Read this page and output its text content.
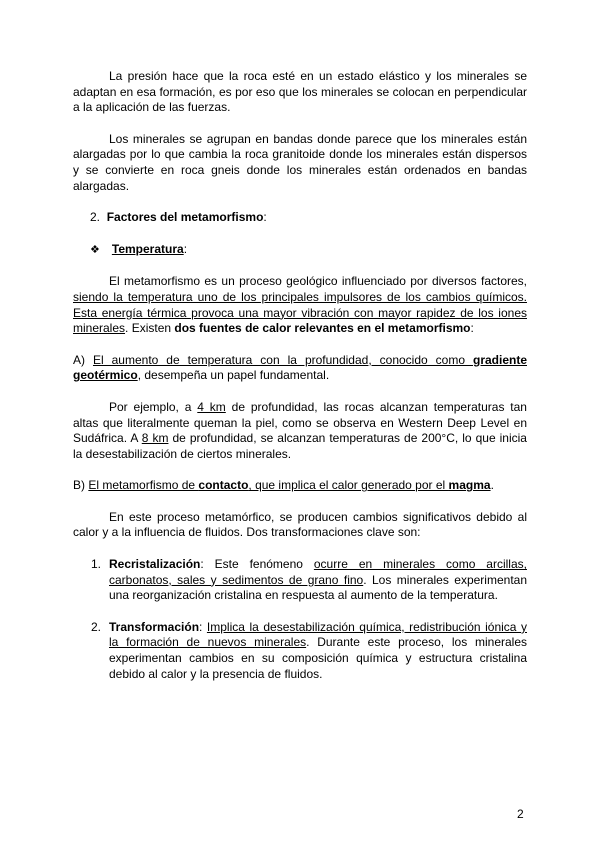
La presión hace que la roca esté en un estado elástico y los minerales se adaptan en esa formación, es por eso que los minerales se colocan en perpendicular a la aplicación de las fuerzas.

Los minerales se agrupan en bandas donde parece que los minerales están alargadas por lo que cambia la roca granitoide donde los minerales están dispersos y se convierte en roca gneis donde los minerales están ordenados en bandas alargadas.

2. Factores del metamorfismo:

❖ Temperatura:

El metamorfismo es un proceso geológico influenciado por diversos factores, siendo la temperatura uno de los principales impulsores de los cambios químicos. Esta energía térmica provoca una mayor vibración con mayor rapidez de los iones minerales. Existen dos fuentes de calor relevantes en el metamorfismo:

A) El aumento de temperatura con la profundidad, conocido como gradiente geotérmico, desempeña un papel fundamental.

Por ejemplo, a 4 km de profundidad, las rocas alcanzan temperaturas tan altas que literalmente queman la piel, como se observa en Western Deep Level en Sudáfrica. A 8 km de profundidad, se alcanzan temperaturas de 200°C, lo que inicia la desestabilización de ciertos minerales.

B) El metamorfismo de contacto, que implica el calor generado por el magma.

En este proceso metamórfico, se producen cambios significativos debido al calor y a la influencia de fluidos. Dos transformaciones clave son:

1. Recristalización: Este fenómeno ocurre en minerales como arcillas, carbonatos, sales y sedimentos de grano fino. Los minerales experimentan una reorganización cristalina en respuesta al aumento de la temperatura.
2. Transformación: Implica la desestabilización química, redistribución iónica y la formación de nuevos minerales. Durante este proceso, los minerales experimentan cambios en su composición química y estructura cristalina debido al calor y la presencia de fluidos.
2
